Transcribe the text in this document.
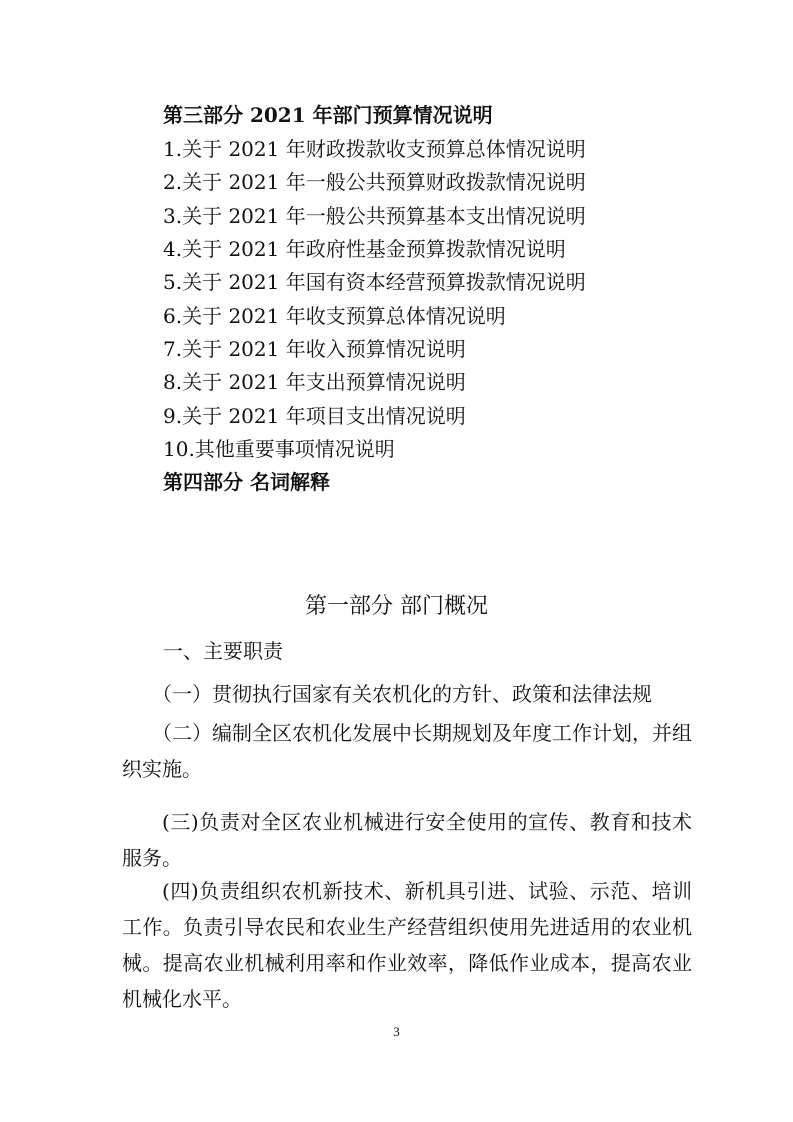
第三部分 2021 年部门预算情况说明
1.关于 2021 年财政拨款收支预算总体情况说明
2.关于 2021 年一般公共预算财政拨款情况说明
3.关于 2021 年一般公共预算基本支出情况说明
4.关于 2021 年政府性基金预算拨款情况说明
5.关于 2021 年国有资本经营预算拨款情况说明
6.关于 2021 年收支预算总体情况说明
7.关于 2021 年收入预算情况说明
8.关于 2021 年支出预算情况说明
9.关于 2021 年项目支出情况说明
10.其他重要事项情况说明
第四部分 名词解释
第一部分 部门概况
一、主要职责
（一）贯彻执行国家有关农机化的方针、政策和法律法规
（二）编制全区农机化发展中长期规划及年度工作计划，并组织实施。
(三)负责对全区农业机械进行安全使用的宣传、教育和技术服务。
(四)负责组织农机新技术、新机具引进、试验、示范、培训工作。负责引导农民和农业生产经营组织使用先进适用的农业机械。提高农业机械利用率和作业效率，降低作业成本，提高农业机械化水平。
3
